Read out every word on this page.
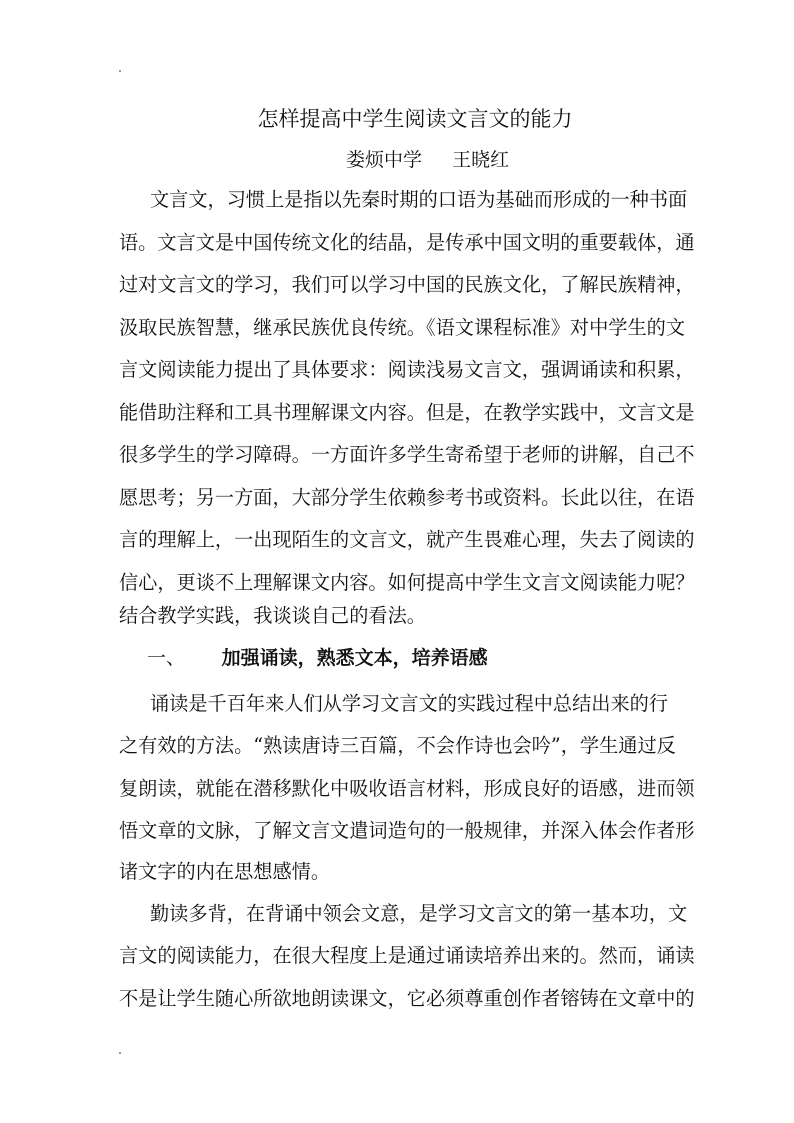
怎样提高中学生阅读文言文的能力
娄烦中学 王晓红
文言文，习惯上是指以先秦时期的口语为基础而形成的一种书面
语。文言文是中国传统文化的结晶，是传承中国文明的重要载体，通
过对文言文的学习，我们可以学习中国的民族文化，了解民族精神，
汲取民族智慧，继承民族优良传统。《语文课程标准》对中学生的文
言文阅读能力提出了具体要求：阅读浅易文言文，强调诵读和积累，
能借助注释和工具书理解课文内容。但是，在教学实践中，文言文是
很多学生的学习障碍。一方面许多学生寄希望于老师的讲解，自己不
愿思考；另一方面，大部分学生依赖参考书或资料。长此以往，在语
言的理解上，一出现陌生的文言文，就产生畏难心理，失去了阅读的
信心，更谈不上理解课文内容。如何提高中学生文言文阅读能力呢？
结合教学实践，我谈谈自己的看法。
一、 加强诵读，熟悉文本，培养语感
诵读是千百年来人们从学习文言文的实践过程中总结出来的行
之有效的方法。“熟读唐诗三百篇，不会作诗也会吟”，学生通过反
复朗读，就能在潜移默化中吸收语言材料，形成良好的语感，进而领
悟文章的文脉，了解文言文遣词造句的一般规律，并深入体会作者形
诸文字的内在思想感情。
勤读多背，在背诵中领会文意，是学习文言文的第一基本功，文
言文的阅读能力，在很大程度上是通过诵读培养出来的。然而，诵读
不是让学生随心所欲地朗读课文，它必须尊重创作者镕铸在文章中的
